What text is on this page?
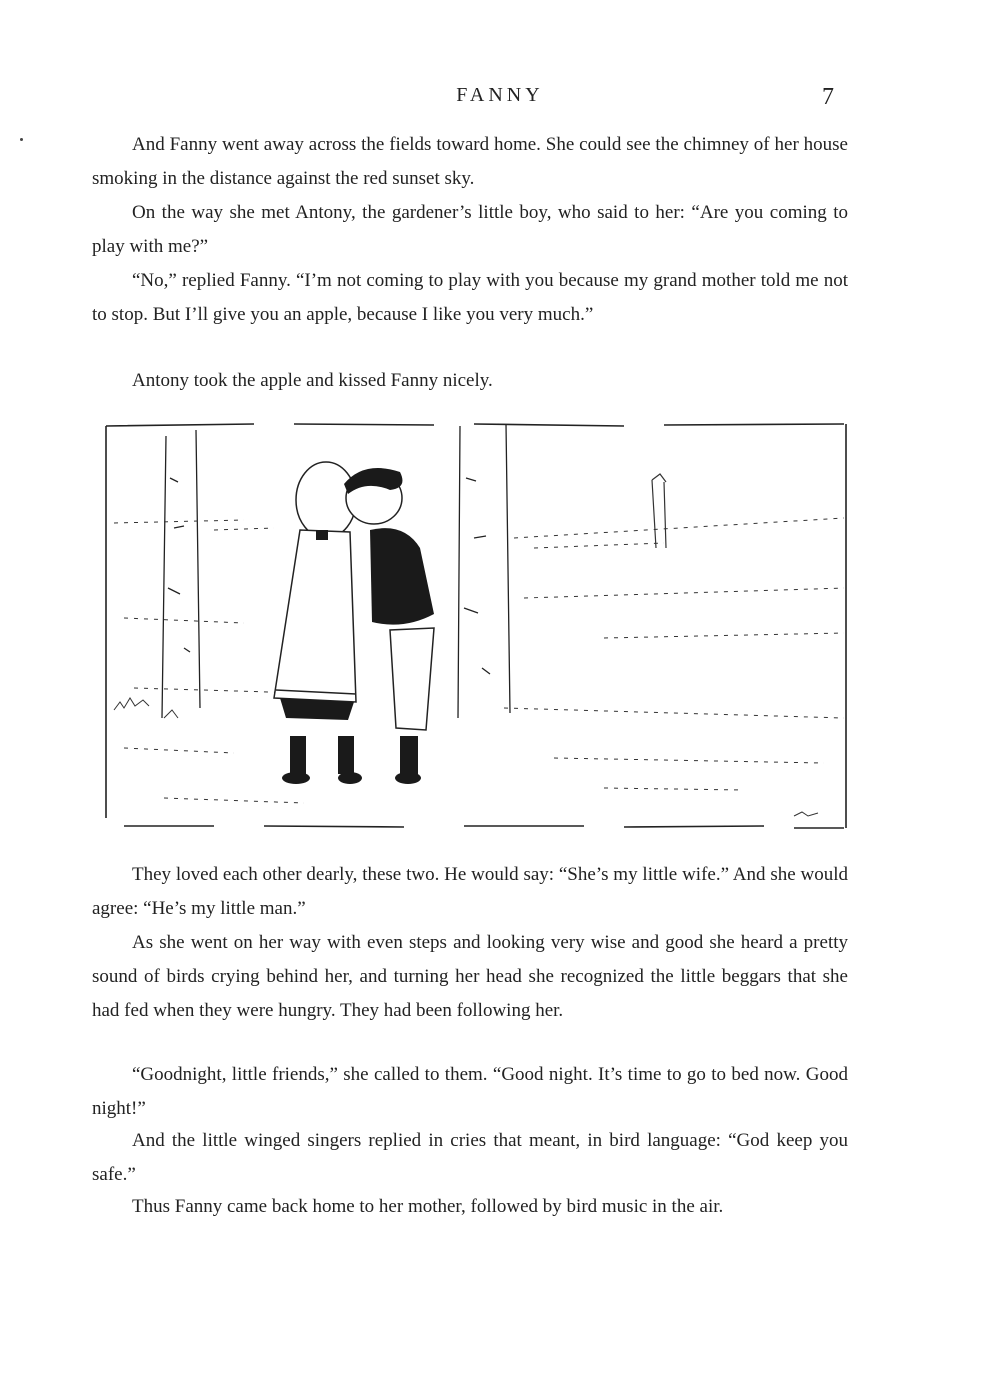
FANNY	7

And Fanny went away across the fields toward home. She could see the chimney of her house smoking in the distance against the red sunset sky.

On the way she met Antony, the gardener’s little boy, who said to her: “Are you coming to play with me?”

“No,” replied Fanny. “I’m not coming to play with you because my grand mother told me not to stop. But I’ll give you an apple, because I like you very much.”

Antony took the apple and kissed Fanny nicely.

They loved each other dearly, these two. He would say: “She’s my little wife.” And she would agree: “He’s my little man.”

As she went on her way with even steps and looking very wise and good she heard a pretty sound of birds crying behind her, and turning her head she recognized the little beggars that she had fed when they were hungry. They had been following her.

“Goodnight, little friends,” she called to them. “Good night. It’s time to go to bed now. Good night!”

And the little winged singers replied in cries that meant, in bird language: “God keep you safe.”

Thus Fanny came back home to her mother, followed by bird music in the air.
